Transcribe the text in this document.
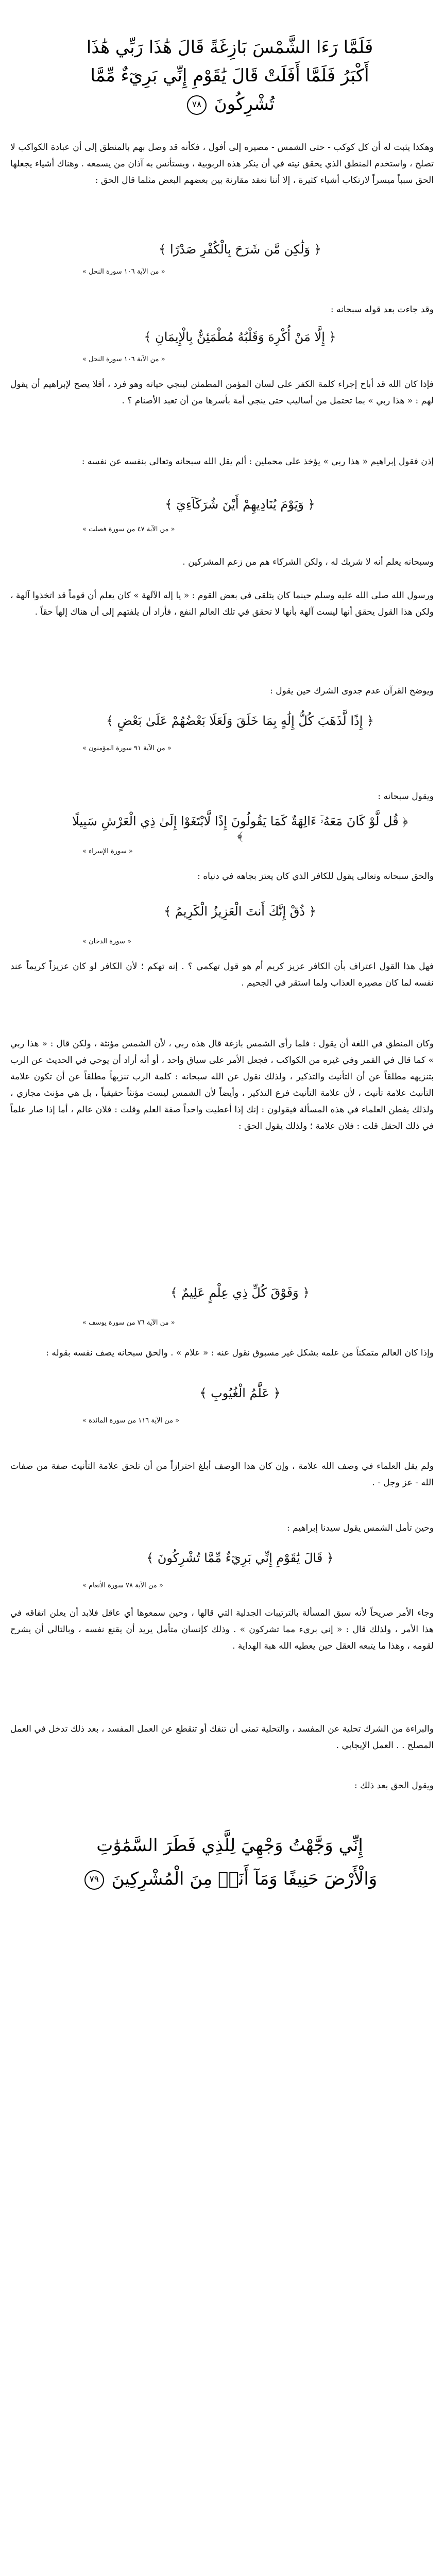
فَلَمَّا رَءَا الشَّمْسَ بَازِغَةً قَالَ هَٰذَا رَبِّي هَٰذَا
أَكْبَرُ فَلَمَّا أَفَلَتْ قَالَ يَٰقَوْمِ إِنِّي بَرِيٓءٌ مِّمَّا
تُشْرِكُونَ ٧٨
وهكذا يثبت له أن كل كوكب - حتى الشمس - مصيره إلى أفول ، فكأنه قد وصل بهم بالمنطق إلى أن عبادة الكواكب لا تصلح ، واستخدم المنطق الذي يحقق نيته في أن ينكر هذه الربوبية ، ويستأنس به آذان من يسمعه . وهناك أشياء يجعلها الحق سبباً ميسراً لارتكاب أشياء كثيرة ، إلا أننا نعقد مقارنة بين بعضهم البعض مثلما قال الحق :
﴿ وَلَٰكِن مَّن شَرَحَ بِالْكُفْرِ صَدْرًا ﴾
« من الآية ١٠٦ سورة النحل »
وقد جاءت بعد قوله سبحانه :
﴿ إِلَّا مَنْ أُكْرِهَ وَقَلْبُهُ مُطْمَئِنٌّ بِالْإِيمَانِ ﴾
« من الآية ١٠٦ سورة النحل »
فإذا كان الله قد أباح إجراء كلمة الكفر على لسان المؤمن المطمئن لينجي حياته وهو فرد ، أفلا يصح لإبراهيم أن يقول لهم : « هذا ربي » بما تحتمل من أساليب حتى ينجي أمة بأسرها من أن تعبد الأصنام ؟ .
إذن فقول إبراهيم « هذا ربي » يؤخذ على محملين : ألم يقل الله سبحانه وتعالى بنفسه عن نفسه :
﴿ وَيَوْمَ يُنَادِيهِمْ أَيْنَ شُرَكَآءِيَ ﴾
« من الآية ٤٧ من سورة فصلت »
وسبحانه يعلم أنه لا شريك له ، ولكن الشركاء هم من زعم المشركين .
ورسول الله صلى الله عليه وسلم حينما كان يتلقى في بعض القوم : « يا إله الآلهة » كان يعلم أن قوماً قد اتخذوا آلهة ، ولكن هذا القول يحقق أنها ليست آلهة بأنها لا تحقق في تلك العالم النفع ، فأراد أن يلفتهم إلى أن هناك إلهاً حقاً .
ويوضح القرآن عدم جدوى الشرك حين يقول :
﴿ إِذًا لَّذَهَبَ كُلُّ إِلَٰهٍ بِمَا خَلَقَ وَلَعَلَا بَعْضُهُمْ عَلَىٰ بَعْضٍ ﴾
« من الآية ٩١ سورة المؤمنون »
ويقول سبحانه :
﴿ قُل لَّوْ كَانَ مَعَهُۥٓ ءَالِهَةٌ كَمَا يَقُولُونَ إِذًا لَّابْتَغَوْا إِلَىٰ ذِي الْعَرْشِ سَبِيلًا ﴾
« سورة الإسراء »
والحق سبحانه وتعالى يقول للكافر الذي كان يعتز بجاهه في دنياه :
﴿ ذُقْ إِنَّكَ أَنتَ الْعَزِيزُ الْكَرِيمُ ﴾
« سورة الدخان »
فهل هذا القول اعتراف بأن الكافر عزيز كريم أم هو قول تهكمي ؟ . إنه تهكم ؛ لأن الكافر لو كان عزيزاً كريماً عند نفسه لما كان مصيره العذاب ولما استقر في الجحيم .
وكان المنطق في اللغة أن يقول : فلما رأى الشمس بازغة قال هذه ربي ، لأن الشمس مؤنثة ، ولكن قال : « هذا ربي » كما قال في القمر وفي غيره من الكواكب ، فجعل الأمر على سياق واحد ، أو أنه أراد أن يوحي في الحديث عن الرب بتنزيهه مطلقاً عن أن التأنيث والتذكير ، ولذلك نقول عن الله سبحانه : كلمة الرب تنزيهاً مطلقاً عن أن تكون علامة التأنيث علامة تأنيث ، لأن علامة التأنيث فرع التذكير ، وأيضاً لأن الشمس ليست مؤنثاً حقيقياً ، بل هي مؤنث مجازي ، ولذلك يفطن العلماء في هذه المسألة فيقولون : إنك إذا أعطيت واحداً صفة العلم وقلت : فلان عالم ، أما إذا صار علماً في ذلك الحقل قلت : فلان علامة ؛ ولذلك يقول الحق :
﴿ وَفَوْقَ كُلِّ ذِي عِلْمٍ عَلِيمٌ ﴾
« من الآية ٧٦ من سورة يوسف »
وإذا كان العالم متمكناً من علمه بشكل غير مسبوق نقول عنه : « علام » . والحق سبحانه يصف نفسه بقوله :
﴿ عَلَّٰمُ الْغُيُوبِ ﴾
« من الآية ١١٦ من سورة المائدة »
ولم يقل العلماء في وصف الله علامة ، وإن كان هذا الوصف أبلغ احترازاً من أن تلحق علامة التأنيث صفة من صفات الله - عز وجل - .
وحين تأمل الشمس يقول سيدنا إبراهيم :
﴿ قَالَ يَٰقَوْمِ إِنِّي بَرِيٓءٌ مِّمَّا تُشْرِكُونَ ﴾
« من الآية ٧٨ سورة الأنعام »
وجاء الأمر صريحاً لأنه سبق المسألة بالترتيبات الجدلية التي قالها ، وحين سمعوها أي عاقل فلابد أن يعلن اتفاقه في هذا الأمر ، ولذلك قال : « إني بريء مما تشركون » . وذلك كإنسان متأمل يريد أن يقنع نفسه ، وبالتالي أن يشرح لقومه ، وهذا ما يتبعه العقل حين يعطيه الله هبة الهداية .
والبراءة من الشرك تحلية عن المفسد ، والتحلية تمنى أن تنفك أو تنقطع عن العمل المفسد ، بعد ذلك تدخل في العمل المصلح . . العمل الإيجابي .
ويقول الحق بعد ذلك :
إِنِّي وَجَّهْتُ وَجْهِيَ لِلَّذِي فَطَرَ السَّمَٰوَٰتِ
وَالْأَرْضَ حَنِيفًا وَمَآ أَنَا۠ مِنَ الْمُشْرِكِينَ ٧٩
